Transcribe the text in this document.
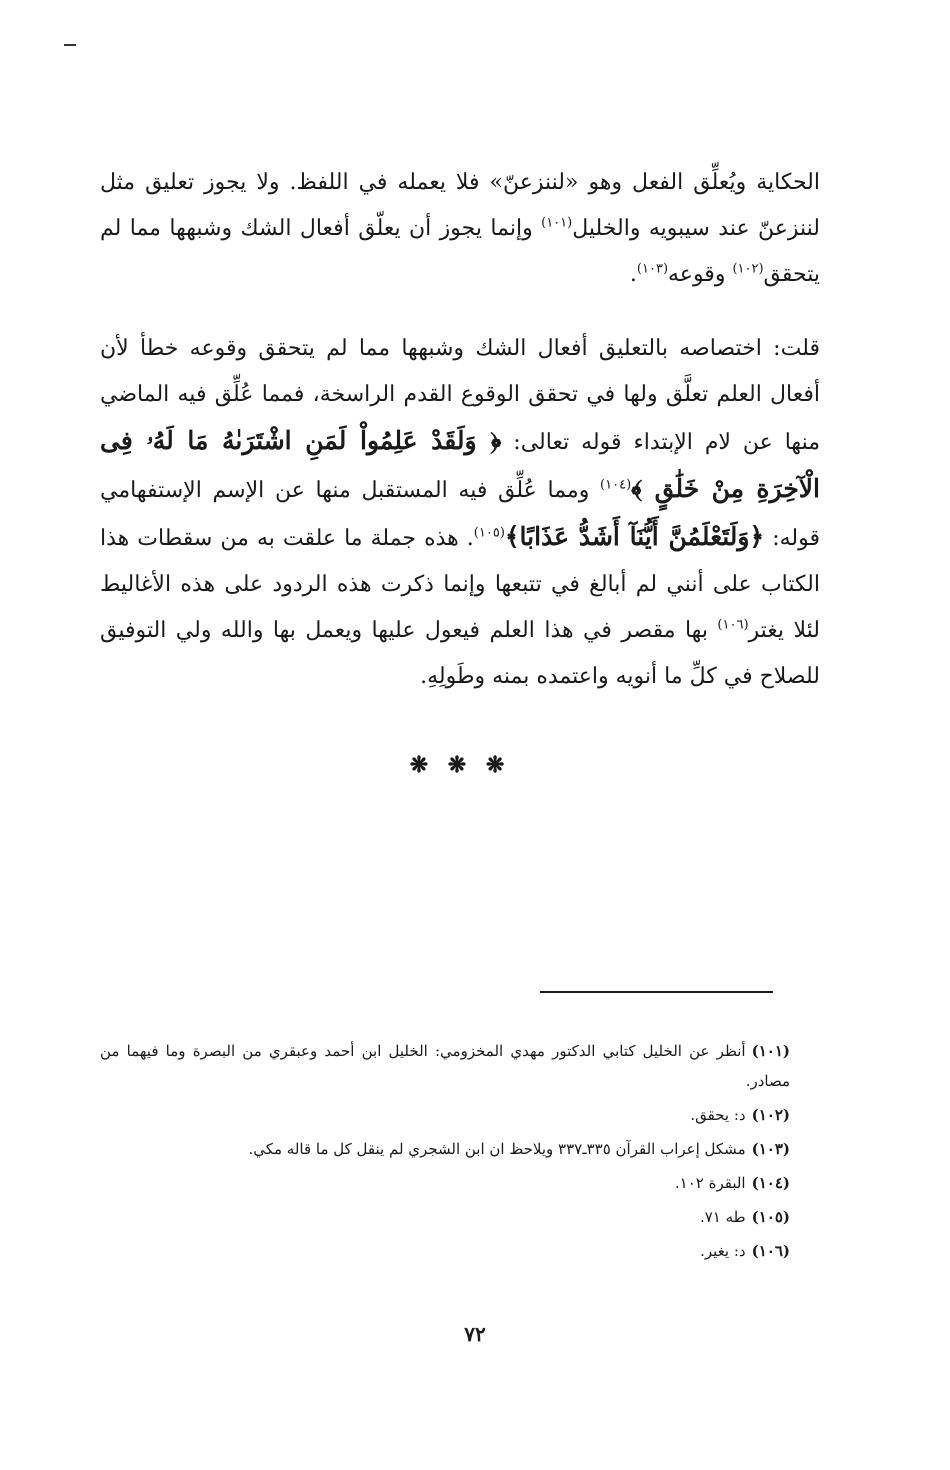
الحكاية ويُعلِّق الفعل وهو «لننزعنّ» فلا يعمله في اللفظ. ولا يجوز تعليق مثل لننزعنّ عند سيبويه والخليل$^{(١٠١)}$ وإنما يجوز أن يعلّق أفعال الشك وشبهها مما لم يتحقق$^{(١٠٢)}$ وقوعه$^{(١٠٣)}$.

قلت: اختصاصه بالتعليق أفعال الشك وشبهها مما لم يتحقق وقوعه خطأ لأن أفعال العلم تعلَّق ولها في تحقق الوقوع القدم الراسخة، فمما عُلِّق فيه الماضي منها عن لام الإبتداء قوله تعالى: ﴿ وَلَقَدْ عَلِمُواْ لَمَنِ اشْتَرَىٰهُ مَا لَهُۥ فِى الْآخِرَةِ مِنْ خَلَٰقٍ ﴾$^{(١٠٤)}$ ومما عُلِّق فيه المستقبل منها عن الإسم الإستفهامي قوله: ﴿وَلَتَعْلَمُنَّ أَيُّنَآ أَشَدُّ عَذَابًا﴾$^{(١٠٥)}$. هذه جملة ما علقت به من سقطات هذا الكتاب على أنني لم أبالغ في تتبعها وإنما ذكرت هذه الردود على هذه الأغاليط لئلا يغتر$^{(١٠٦)}$ بها مقصر في هذا العلم فيعول عليها ويعمل بها والله ولي التوفيق للصلاح في كلِّ ما أنويه واعتمده بمنه وطَولِهِ.

❋ ❋ ❋

(١٠١)أنظر عن الخليل كتابي الدكتور مهدي المخزومي: الخليل ابن أحمد وعبقري من البصرة وما فيهما من مصادر.

(١٠٢)د: يحقق.

(١٠٣)مشكل إعراب القرآن ٣٣٥ـ٣٣٧ ويلاحظ ان ابن الشجري لم ينقل كل ما قاله مكي.

(١٠٤)البقرة ١٠٢.

(١٠٥)طه ٧١.

(١٠٦)د: يغير.

٧٢
